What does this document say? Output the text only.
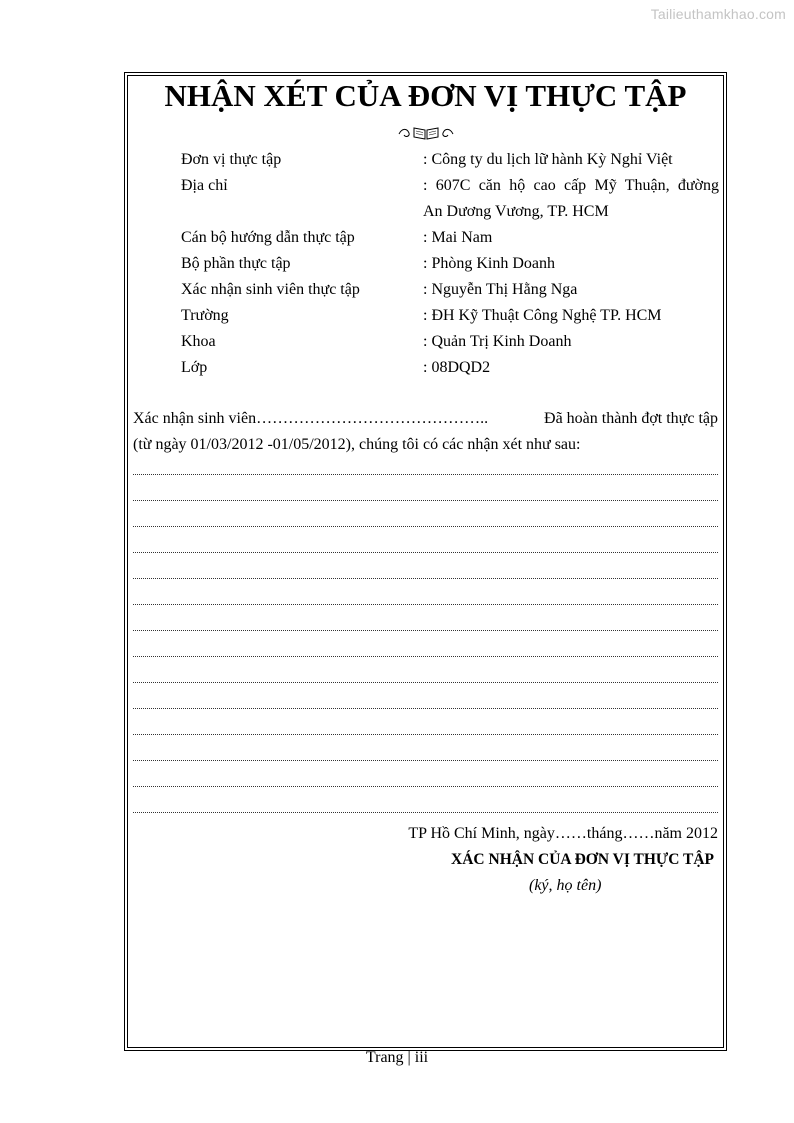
Tailieuthamkhao.com
NHẬN XÉT CỦA ĐƠN VỊ THỰC TẬP
Đơn vị thực tập	: Công ty du lịch lữ hành Kỳ Nghỉ Việt
Địa chỉ	: 607C căn hộ cao cấp Mỹ Thuận, đường
An Dương Vương, TP. HCM
Cán bộ hướng dẫn thực tập	: Mai Nam
Bộ phần thực tập	: Phòng Kinh Doanh
Xác nhận sinh viên thực tập	: Nguyễn Thị Hằng Nga
Trường	: ĐH Kỹ Thuật Công Nghệ TP. HCM
Khoa	: Quản Trị Kinh Doanh
Lớp	: 08DQD2
Xác nhận sinh viên……………………………………..	Đã hoàn thành đợt thực tập
(từ ngày 01/03/2012 -01/05/2012), chúng tôi có các nhận xét như sau:
TP Hồ Chí Minh, ngày……tháng……năm 2012
XÁC NHẬN CỦA ĐƠN VỊ THỰC TẬP
(ký, họ tên)
Trang | iii
